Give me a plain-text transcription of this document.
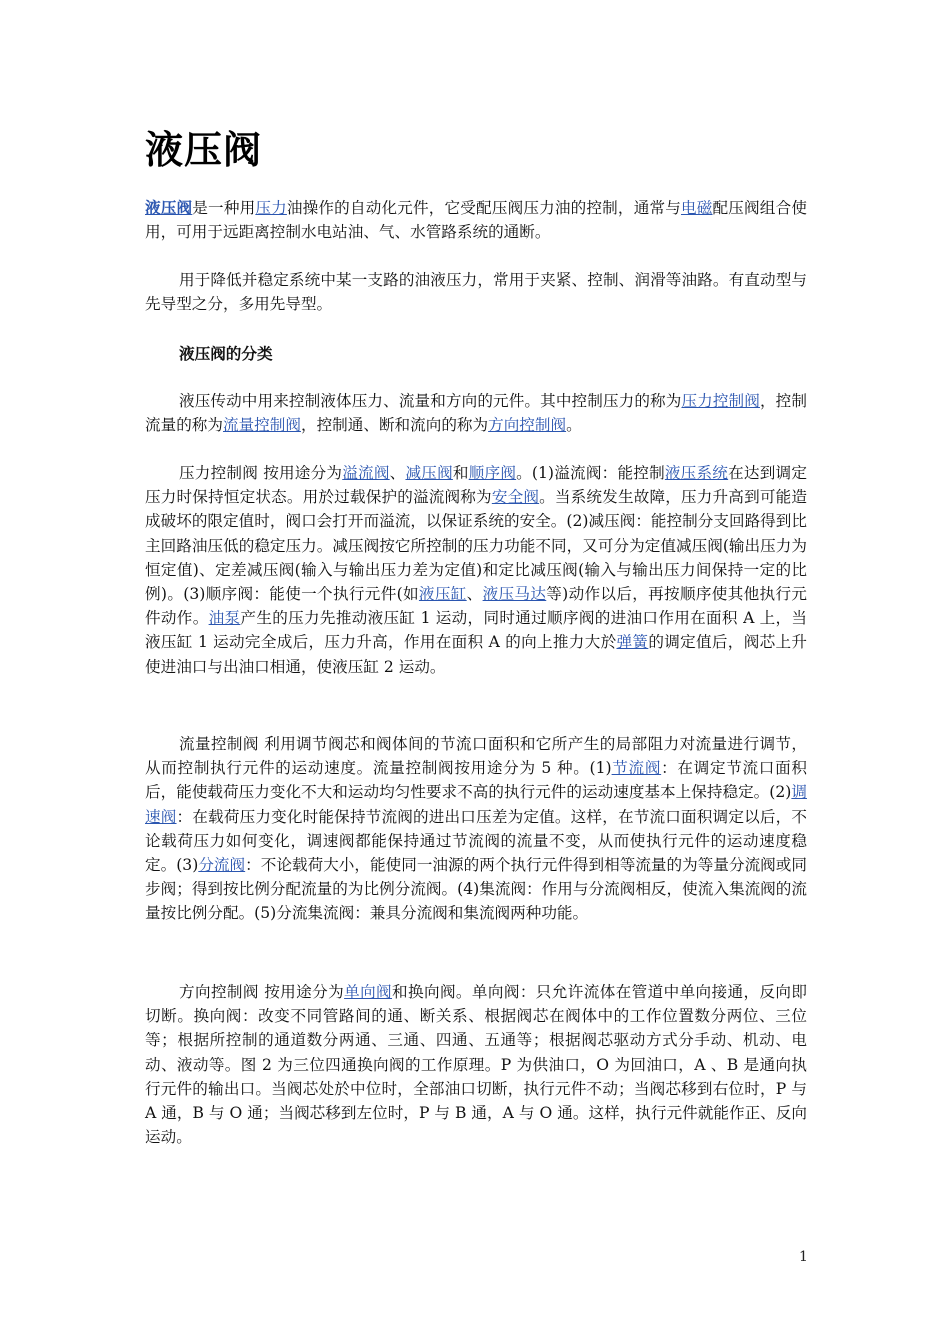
液压阀

液压阀是一种用压力油操作的自动化元件，它受配压阀压力油的控制，通常与电磁配压阀组合使用，可用于远距离控制水电站油、气、水管路系统的通断。

用于降低并稳定系统中某一支路的油液压力，常用于夹紧、控制、润滑等油路。有直动型与先导型之分，多用先导型。

液压阀的分类

液压传动中用来控制液体压力、流量和方向的元件。其中控制压力的称为压力控制阀，控制流量的称为流量控制阀，控制通、断和流向的称为方向控制阀。

压力控制阀 按用途分为溢流阀、减压阀和顺序阀。(1)溢流阀：能控制液压系统在达到调定压力时保持恒定状态。用於过载保护的溢流阀称为安全阀。当系统发生故障，压力升高到可能造成破坏的限定值时，阀口会打开而溢流，以保证系统的安全。(2)减压阀：能控制分支回路得到比主回路油压低的稳定压力。减压阀按它所控制的压力功能不同，又可分为定值减压阀(输出压力为恒定值)、定差减压阀(输入与输出压力差为定值)和定比减压阀(输入与输出压力间保持一定的比例)。(3)顺序阀：能使一个执行元件(如液压缸、液压马达等)动作以后，再按顺序使其他执行元件动作。油泵产生的压力先推动液压缸 1 运动，同时通过顺序阀的进油口作用在面积 A 上，当液压缸 1 运动完全成后，压力升高，作用在面积 A 的向上推力大於弹簧的调定值后，阀芯上升使进油口与出油口相通，使液压缸 2 运动。

流量控制阀 利用调节阀芯和阀体间的节流口面积和它所产生的局部阻力对流量进行调节，从而控制执行元件的运动速度。流量控制阀按用途分为 5 种。(1)节流阀：在调定节流口面积后，能使载荷压力变化不大和运动均匀性要求不高的执行元件的运动速度基本上保持稳定。(2)调速阀：在载荷压力变化时能保持节流阀的进出口压差为定值。这样，在节流口面积调定以后，不论载荷压力如何变化，调速阀都能保持通过节流阀的流量不变，从而使执行元件的运动速度稳定。(3)分流阀：不论载荷大小，能使同一油源的两个执行元件得到相等流量的为等量分流阀或同步阀；得到按比例分配流量的为比例分流阀。(4)集流阀：作用与分流阀相反，使流入集流阀的流量按比例分配。(5)分流集流阀：兼具分流阀和集流阀两种功能。

方向控制阀 按用途分为单向阀和换向阀。单向阀：只允许流体在管道中单向接通，反向即切断。换向阀：改变不同管路间的通、断关系、根据阀芯在阀体中的工作位置数分两位、三位等；根据所控制的通道数分两通、三通、四通、五通等；根据阀芯驱动方式分手动、机动、电动、液动等。图 2 为三位四通换向阀的工作原理。P 为供油口，O 为回油口，A 、B 是通向执行元件的输出口。当阀芯处於中位时，全部油口切断，执行元件不动；当阀芯移到右位时，P 与 A 通，B 与 O 通；当阀芯移到左位时，P 与 B 通，A 与 O 通。这样，执行元件就能作正、反向运动。

1
